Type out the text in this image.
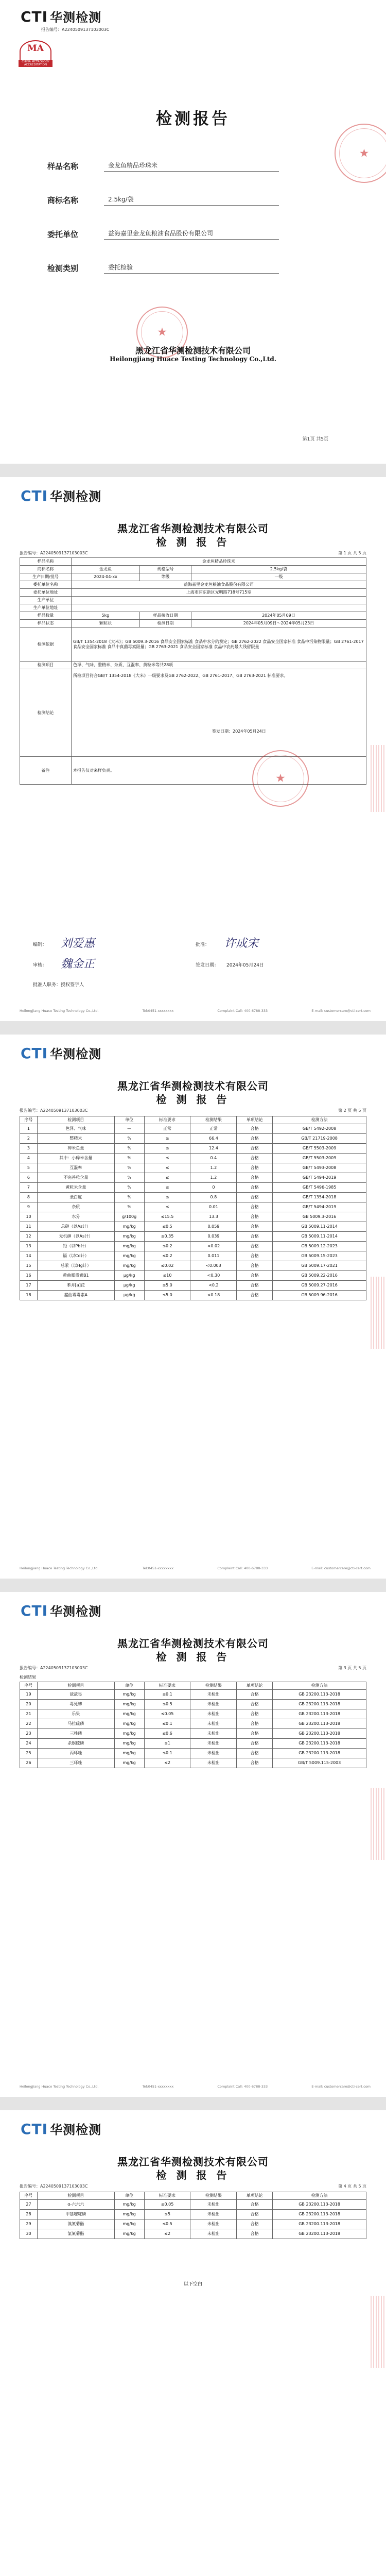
CTI 华测检测
报告编号：A2240509137103003C
MA
CHINA METROLOGY ACCREDITATION
检测报告
样品名称	金龙鱼精品珍珠米
商标名称	2.5kg/袋
委托单位	益海嘉里金龙鱼粮油食品股份有限公司
检测类别	委托检验
★
★
黑龙江省华测检测技术有限公司
Heilongjiang Huace Testing Technology Co.,Ltd.
第1页 共5页
CTI 华测检测
黑龙江省华测检测技术有限公司
检 测 报 告
报告编号：A2240509137103003C	第 1 页 共 5 页
样品名称	金龙鱼精品珍珠米		
商标名称	金龙鱼	规格型号	2.5kg/袋
生产日期/批号	2024-04-xx	等级	一级
委托单位名称	益海嘉里金龙鱼粮油食品股份有限公司		
委托单位地址	上海市浦东新区光明路718号715室		
生产单位			
生产单位地址			
样品数量	5kg	样品接收日期	2024年05月09日
样品状态	颗粒状	检测日期	2024年05月09日～2024年05月23日
检测依据	GB/T 1354-2018《大米》；GB 5009.3-2016 食品安全国家标准 食品中水分的测定；GB 2762-2022 食品安全国家标准 食品中污染物限量；GB 2761-2017 食品安全国家标准 食品中真菌毒素限量；GB 2763-2021 食品安全国家标准 食品中农药最大残留限量		
检测项目	色泽、气味、整精米、杂质、互混率、黄粒米等共28项		
检测结论	所检项目符合GB/T 1354-2018《大米》一级要求及GB 2762-2022、GB 2761-2017、GB 2763-2021 标准要求。
签发日期：2024年05月24日		

备注	本报告仅对来样负责。		
★
编制： 刘爱惠
审核： 魏金正
批准： 许成宋
签发日期： 2024年05月24日
批准人职务：授权签字人
Heilongjiang Huace Testing Technology Co.,Ltd.	Tel:0451-xxxxxxxx	Complaint Call: 400-6788-333	E-mail: customercare@cti-cert.com
CTI 华测检测
黑龙江省华测检测技术有限公司
检 测 报 告
报告编号：A2240509137103003C	第 2 页 共 5 页
序号	检测项目	单位	标准要求	检测结果	单项结论	检测方法
1	色泽、气味	—	正常	正常	合格	GB/T 5492-2008
2	整精米	%	≥	66.4	合格	GB/T 21719-2008
3	碎米总量	%	≤	12.4	合格	GB/T 5503-2009
4	其中：小碎米含量	%	≤	0.4	合格	GB/T 5503-2009
5	互混率	%	≤	1.2	合格	GB/T 5493-2008
6	不完善粒含量	%	≤	1.2	合格	GB/T 5494-2019
7	黄粒米含量	%	≤	0	合格	GB/T 5496-1985
8	垩白度	%	≤	0.8	合格	GB/T 1354-2018
9	杂质	%	≤	0.01	合格	GB/T 5494-2019
10	水分	g/100g	≤15.5	13.3	合格	GB 5009.3-2016
11	总砷（以As计）	mg/kg	≤0.5	0.059	合格	GB 5009.11-2014
12	无机砷（以As计）	mg/kg	≤0.35	0.039	合格	GB 5009.11-2014
13	铅（以Pb计）	mg/kg	≤0.2	<0.02	合格	GB 5009.12-2023
14	镉（以Cd计）	mg/kg	≤0.2	0.011	合格	GB 5009.15-2023
15	总汞（以Hg计）	mg/kg	≤0.02	<0.003	合格	GB 5009.17-2021
16	黄曲霉毒素B1	μg/kg	≤10	<0.30	合格	GB 5009.22-2016
17	苯并[a]芘	μg/kg	≤5.0	<0.2	合格	GB 5009.27-2016
18	赭曲霉毒素A	μg/kg	≤5.0	<0.18	合格	GB 5009.96-2016
Heilongjiang Huace Testing Technology Co.,Ltd.	Tel:0451-xxxxxxxx	Complaint Call: 400-6788-333	E-mail: customercare@cti-cert.com
CTI 华测检测
黑龙江省华测检测技术有限公司
检 测 报 告
报告编号：A2240509137103003C	第 3 页 共 5 页
检测结果
序号	检测项目	单位	标准要求	检测结果	单项结论	检测方法
19	敌敌畏	mg/kg	≤0.1	未检出	合格	GB 23200.113-2018
20	毒死蜱	mg/kg	≤0.5	未检出	合格	GB 23200.113-2018
21	乐果	mg/kg	≤0.05	未检出	合格	GB 23200.113-2018
22	马拉硫磷	mg/kg	≤0.1	未检出	合格	GB 23200.113-2018
23	三唑磷	mg/kg	≤0.6	未检出	合格	GB 23200.113-2018
24	杀螟硫磷	mg/kg	≤1	未检出	合格	GB 23200.113-2018
25	丙环唑	mg/kg	≤0.1	未检出	合格	GB 23200.113-2018
26	三环唑	mg/kg	≤2	未检出	合格	GB/T 5009.115-2003
Heilongjiang Huace Testing Technology Co.,Ltd.	Tel:0451-xxxxxxxx	Complaint Call: 400-6788-333	E-mail: customercare@cti-cert.com
CTI 华测检测
黑龙江省华测检测技术有限公司
检 测 报 告
报告编号：A2240509137103003C	第 4 页 共 5 页
序号	检测项目	单位	标准要求	检测结果	单项结论	检测方法
27	α-六六六	mg/kg	≤0.05	未检出	合格	GB 23200.113-2018
28	甲基嘧啶磷	mg/kg	≤5	未检出	合格	GB 23200.113-2018
29	溴氰菊酯	mg/kg	≤0.5	未检出	合格	GB 23200.113-2018
30	氯氰菊酯	mg/kg	≤2	未检出	合格	GB 23200.113-2018
以下空白
